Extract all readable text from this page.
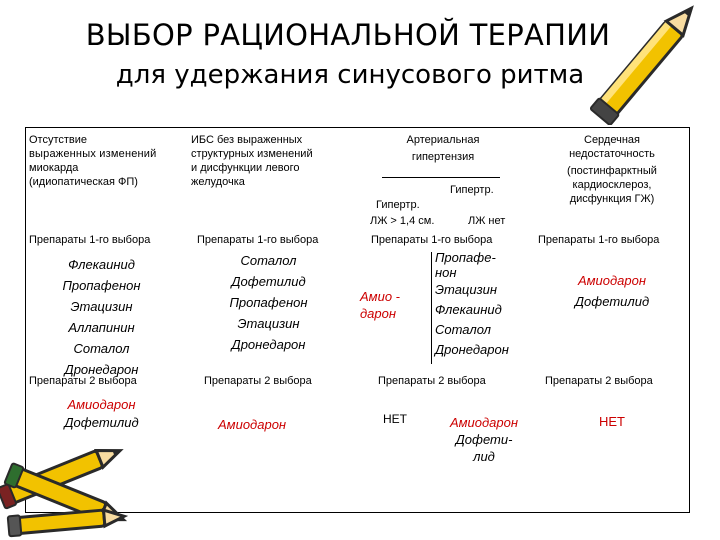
ВЫБОР РАЦИОНАЛЬНОЙ ТЕРАПИИ
для удержания синусового ритма
Отсутствие
выраженных изменений
миокарда
(идиопатическая ФП)
Препараты 1-го выбора
Флекаинид
Пропафенон
Этацизин
Аллапинин
Соталол
Дронедарон
Препараты 2 выбора
Амиодарон
Дофетилид
ИБС без выраженных
структурных изменений
и дисфункции левого
желудочка
Препараты 1-го выбора
Соталол
Дофетилид
Пропафенон
Этацизин
Дронедарон
Препараты 2 выбора
Амиодарон
Артериальная
гипертензия
Гипертр.
Гипертр.
ЛЖ > 1,4 см.	ЛЖ нет
Препараты 1-го выбора
Амио -
дарон
Пропафе-
нон
Этацизин
Флекаинид
Соталол
Дронедарон
Препараты 2 выбора
НЕТ	Амиодарон
Дофети-
лид
Сердечная
недостаточность
(постинфарктный
кардиосклероз,
дисфункция ГЖ)
Препараты 1-го выбора
Амиодарон
Дофетилид
Препараты 2 выбора
НЕТ
